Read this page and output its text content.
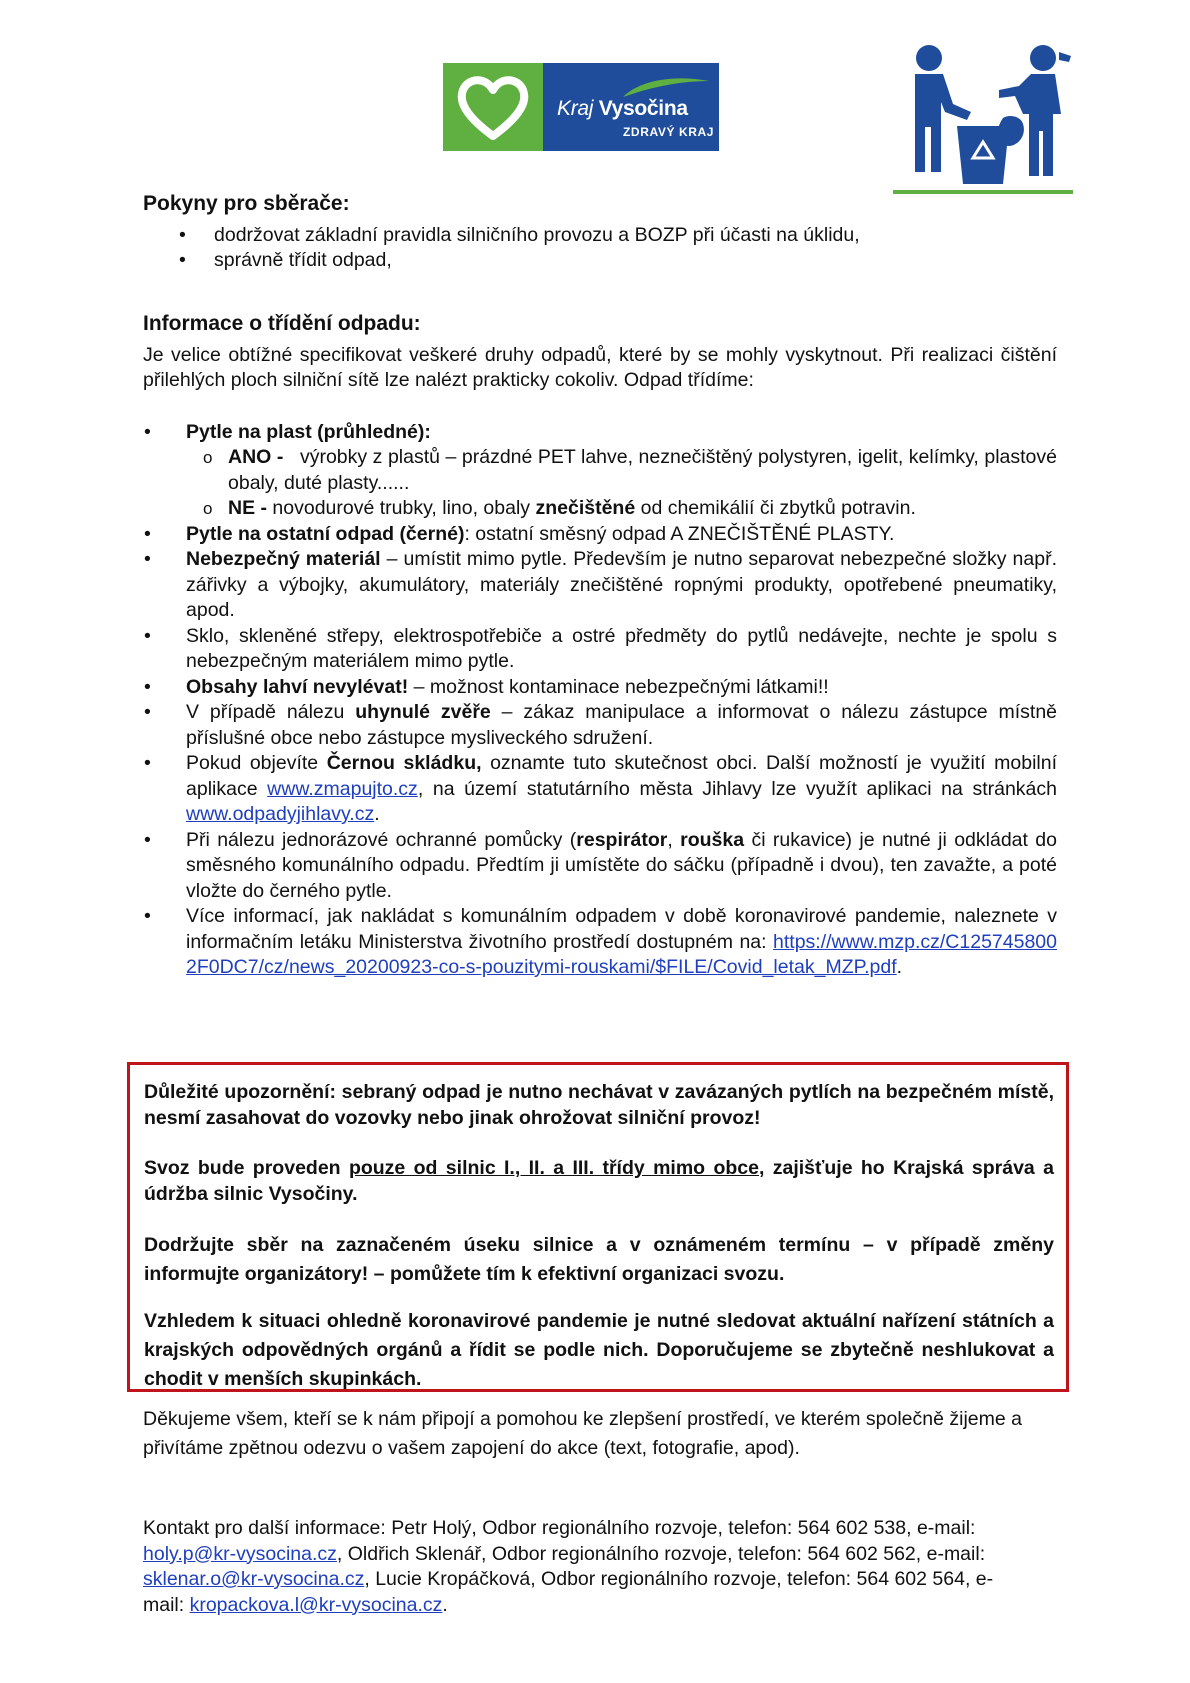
Kraj Vysočina
ZDRAVÝ KRAJ
Pokyny pro sběrače:
• dodržovat základní pravidla silničního provozu a BOZP při účasti na úklidu,
• správně třídit odpad,
Informace o třídění odpadu:

Je velice obtížné specifikovat veškeré druhy odpadů, které by se mohly vyskytnout. Při realizaci čištění přilehlých ploch silniční sítě lze nalézt prakticky cokoliv. Odpad třídíme:

• Pytle na plast (průhledné):
o ANO - výrobky z plastů – prázdné PET lahve, neznečištěný polystyren, igelit, kelímky, plastové obaly, duté plasty......
o NE - novodurové trubky, lino, obaly znečištěné od chemikálií či zbytků potravin.
• Pytle na ostatní odpad (černé): ostatní směsný odpad A ZNEČIŠTĚNÉ PLASTY.
• Nebezpečný materiál – umístit mimo pytle. Především je nutno separovat nebezpečné složky např. zářivky a výbojky, akumulátory, materiály znečištěné ropnými produkty, opotřebené pneumatiky, apod.
• Sklo, skleněné střepy, elektrospotřebiče a ostré předměty do pytlů nedávejte, nechte je spolu s nebezpečným materiálem mimo pytle.
• Obsahy lahví nevylévat! – možnost kontaminace nebezpečnými látkami!!
• V případě nálezu uhynulé zvěře – zákaz manipulace a informovat o nálezu zástupce místně příslušné obce nebo zástupce mysliveckého sdružení.
• Pokud objevíte Černou skládku, oznamte tuto skutečnost obci. Další možností je využití mobilní aplikace www.zmapujto.cz, na území statutárního města Jihlavy lze využít aplikaci na stránkách www.odpadyjihlavy.cz.
• Při nálezu jednorázové ochranné pomůcky (respirátor, rouška či rukavice) je nutné ji odkládat do směsného komunálního odpadu. Předtím ji umístěte do sáčku (případně i dvou), ten zavažte, a poté vložte do černého pytle.
• Více informací, jak nakládat s komunálním odpadem v době koronavirové pandemie, naleznete v informačním letáku Ministerstva životního prostředí dostupném na: https://www.mzp.cz/C1257458002F0DC7/cz/news_20200923-co-s-pouzitymi-rouskami/$FILE/Covid_letak_MZP.pdf.

Důležité upozornění: sebraný odpad je nutno nechávat v zavázaných pytlích na bezpečném místě, nesmí zasahovat do vozovky nebo jinak ohrožovat silniční provoz!

Svoz bude proveden pouze od silnic I., II. a III. třídy mimo obce, zajišťuje ho Krajská správa a údržba silnic Vysočiny.

Dodržujte sběr na zaznačeném úseku silnice a v oznámeném termínu – v případě změny informujte organizátory! – pomůžete tím k efektivní organizaci svozu.

Vzhledem k situaci ohledně koronavirové pandemie je nutné sledovat aktuální nařízení státních a krajských odpovědných orgánů a řídit se podle nich. Doporučujeme se zbytečně neshlukovat a chodit v menších skupinkách.

Děkujeme všem, kteří se k nám připojí a pomohou ke zlepšení prostředí, ve kterém společně žijeme a přivítáme zpětnou odezvu o vašem zapojení do akce (text, fotografie, apod).

Kontakt pro další informace: Petr Holý, Odbor regionálního rozvoje, telefon: 564 602 538, e-mail: holy.p@kr-vysocina.cz, Oldřich Sklenář, Odbor regionálního rozvoje, telefon: 564 602 562, e-mail: sklenar.o@kr-vysocina.cz, Lucie Kropáčková, Odbor regionálního rozvoje, telefon: 564 602 564, e-mail: kropackova.l@kr-vysocina.cz.
